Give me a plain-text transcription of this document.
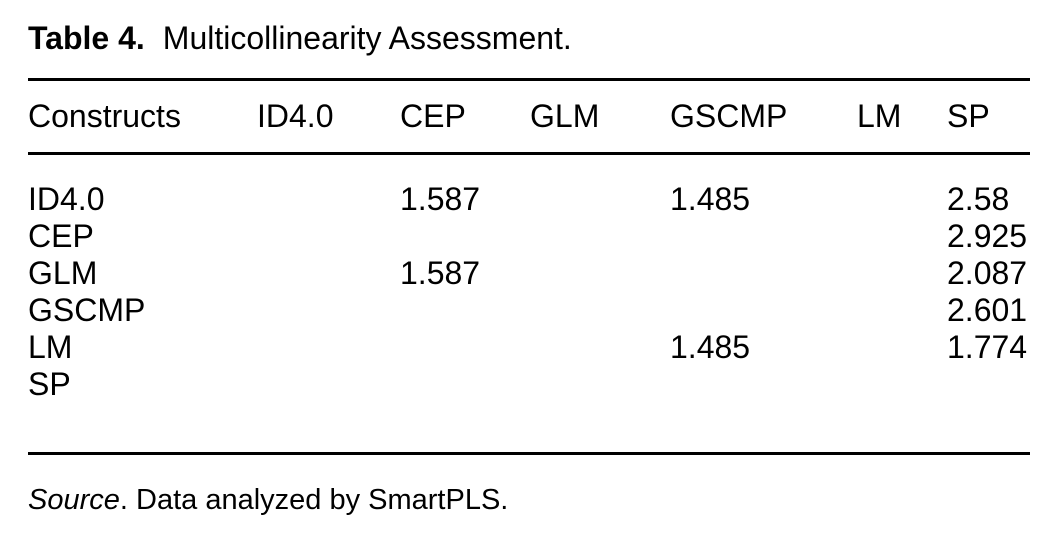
Table 4. Multicollinearity Assessment.
Constructs	ID4.0	CEP	GLM	GSCMP	LM	SP
ID4.0		1.587		1.485		2.58
CEP						2.925
GLM		1.587				2.087
GSCMP						2.601
LM				1.485		1.774
SP						
Source. Data analyzed by SmartPLS.
